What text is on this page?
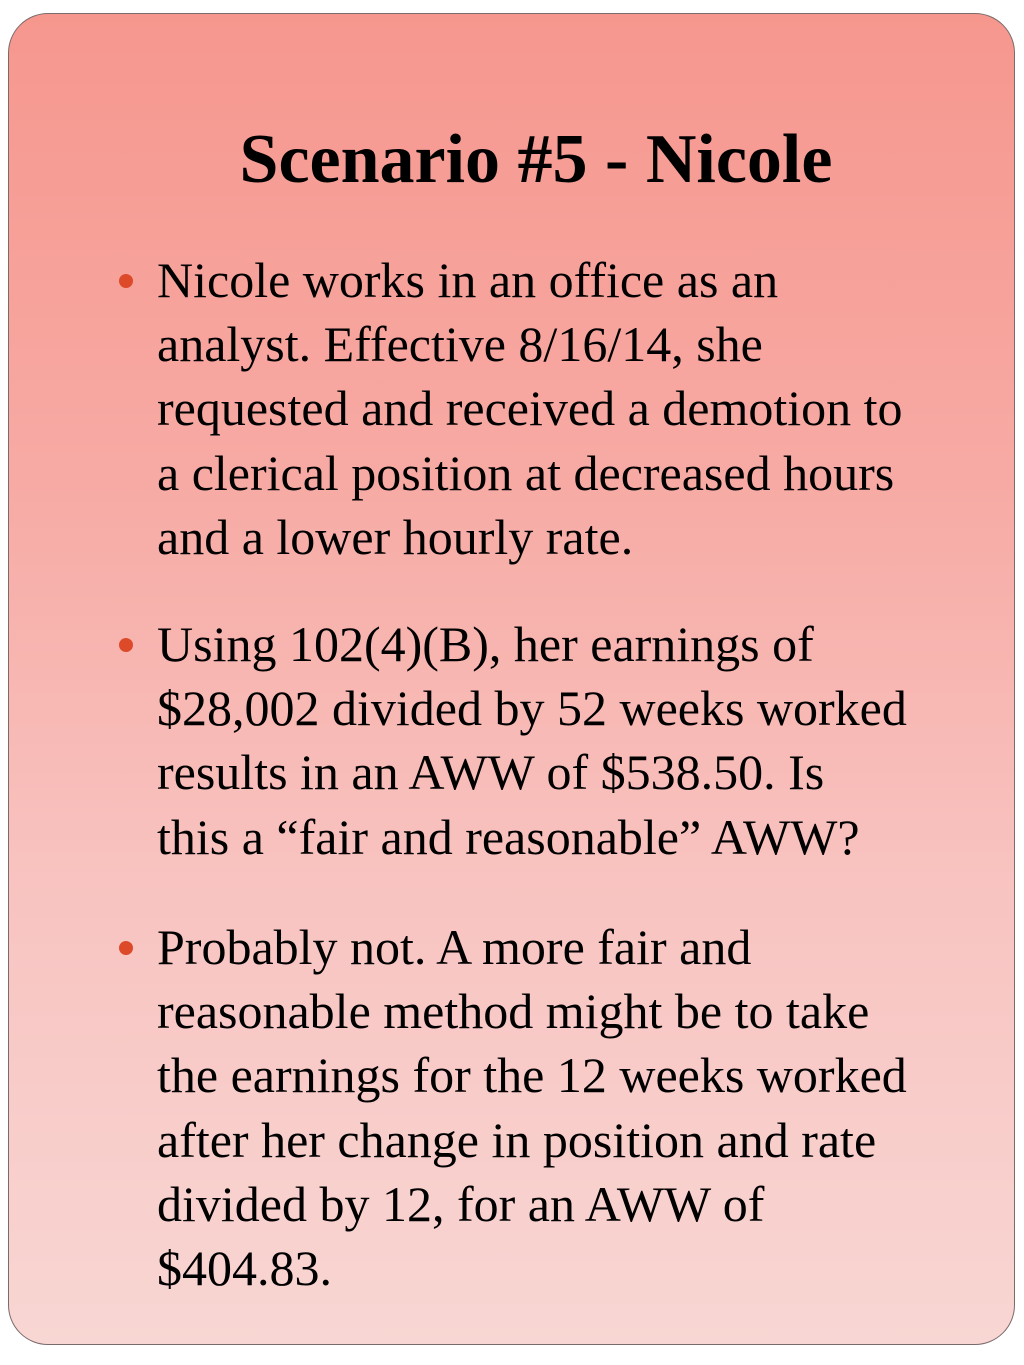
Scenario #5 - Nicole
Nicole works in an office as an
analyst. Effective 8/16/14, she
requested and received a demotion to
a clerical position at decreased hours
and a lower hourly rate.
Using 102(4)(B), her earnings of
$28,002 divided by 52 weeks worked
results in an AWW of $538.50. Is
this a “fair and reasonable” AWW?
Probably not. A more fair and
reasonable method might be to take
the earnings for the 12 weeks worked
after her change in position and rate
divided by 12, for an AWW of
$404.83.
